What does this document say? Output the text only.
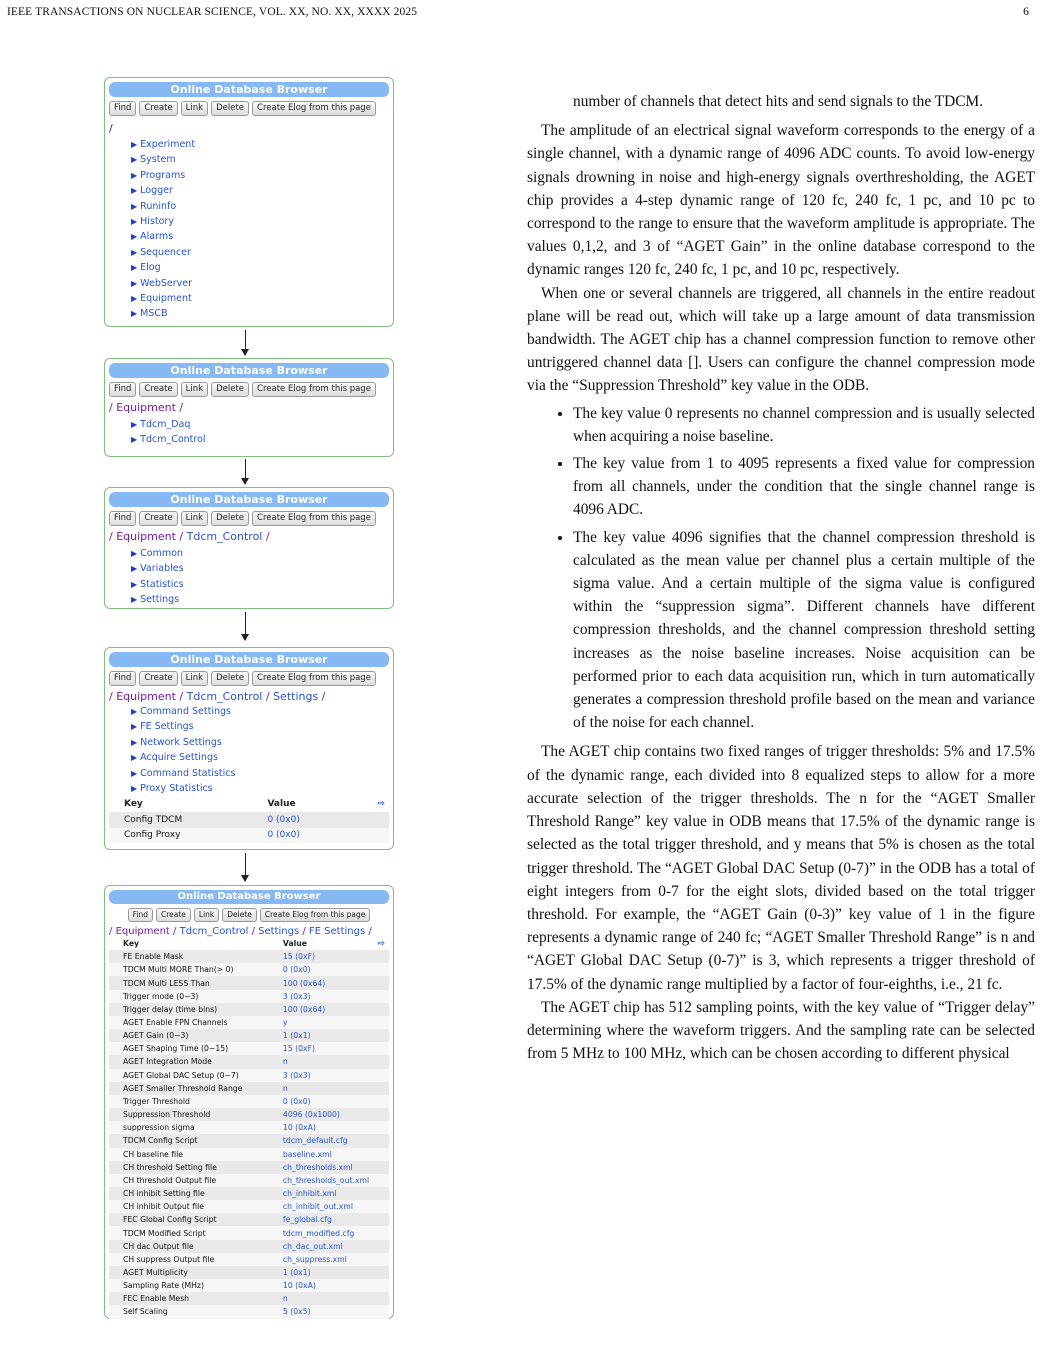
IEEE TRANSACTIONS ON NUCLEAR SCIENCE, VOL. XX, NO. XX, XXXX 2025	6
Online Database Browser
Find	Create	Link	Delete	Create Elog from this page
/
▶ Experiment
▶ System
▶ Programs
▶ Logger
▶ Runinfo
▶ History
▶ Alarms
▶ Sequencer
▶ Elog
▶ WebServer
▶ Equipment
▶ MSCB
Online Database Browser
Find	Create	Link	Delete	Create Elog from this page
/ Equipment /
▶ Tdcm_Daq
▶ Tdcm_Control
Online Database Browser
Find	Create	Link	Delete	Create Elog from this page
/ Equipment / Tdcm_Control /
▶ Common
▶ Variables
▶ Statistics
▶ Settings
Online Database Browser
Find	Create	Link	Delete	Create Elog from this page
/ Equipment / Tdcm_Control / Settings /
▶ Command Settings
▶ FE Settings
▶ Network Settings
▶ Acquire Settings
▶ Command Statistics
▶ Proxy Statistics
Key	Value	⇨
Config TDCM	0 (0x0)	
Config Proxy	0 (0x0)	
Online Database Browser
Find	Create	Link	Delete	Create Elog from this page
/ Equipment / Tdcm_Control / Settings / FE Settings /
Key	Value	⇨
FE Enable Mask	15 (0xF)	
TDCM Multi MORE Than(> 0)	0 (0x0)	
TDCM Multi LESS Than	100 (0x64)	
Trigger mode (0~3)	3 (0x3)	
Trigger delay (time bins)	100 (0x64)	
AGET Enable FPN Channels	y	
AGET Gain (0~3)	1 (0x1)	
AGET Shaping Time (0~15)	15 (0xF)	
AGET Integration Mode	n	
AGET Global DAC Setup (0~7)	3 (0x3)	
AGET Smaller Threshold Range	n	
Trigger Threshold	0 (0x0)	
Suppression Threshold	4096 (0x1000)	
suppression sigma	10 (0xA)	
TDCM Config Script	tdcm_default.cfg	
CH baseline file	baseline.xml	
CH threshold Setting file	ch_thresholds.xml	
CH threshold Output file	ch_thresholds_out.xml	
CH inhibit Setting file	ch_inhibit.xml	
CH inhibit Output file	ch_inhibit_out.xml	
FEC Global Config Script	fe_global.cfg	
TDCM Modified Script	tdcm_modified.cfg	
CH dac Output file	ch_dac_out.xml	
CH suppress Output file	ch_suppress.xml	
AGET Multiplicity	1 (0x1)	
Sampling Rate (MHz)	10 (0xA)	
FEC Enable Mesh	n	
Self Scaling	5 (0x5)	

number of channels that detect hits and send signals to the TDCM.

The amplitude of an electrical signal waveform corresponds to the energy of a single channel, with a dynamic range of 4096 ADC counts. To avoid low-energy signals drowning in noise and high-energy signals overthresholding, the AGET chip provides a 4-step dynamic range of 120 fc, 240 fc, 1 pc, and 10 pc to correspond to the range to ensure that the waveform amplitude is appropriate. The values 0,1,2, and 3 of “AGET Gain” in the online database correspond to the dynamic ranges 120 fc, 240 fc, 1 pc, and 10 pc, respectively.

When one or several channels are triggered, all channels in the entire readout plane will be read out, which will take up a large amount of data transmission bandwidth. The AGET chip has a channel compression function to remove other untriggered channel data []. Users can configure the channel compression mode via the “Suppression Threshold” key value in the ODB.

• The key value 0 represents no channel compression and is usually selected when acquiring a noise baseline.
• The key value from 1 to 4095 represents a fixed value for compression from all channels, under the condition that the single channel range is 4096 ADC.
• The key value 4096 signifies that the channel compression threshold is calculated as the mean value per channel plus a certain multiple of the sigma value. And a certain multiple of the sigma value is configured within the “suppression sigma”. Different channels have different compression thresholds, and the channel compression threshold setting increases as the noise baseline increases. Noise acquisition can be performed prior to each data acquisition run, which in turn automatically generates a compression threshold profile based on the mean and variance of the noise for each channel.

The AGET chip contains two fixed ranges of trigger thresholds: 5% and 17.5% of the dynamic range, each divided into 8 equalized steps to allow for a more accurate selection of the trigger thresholds. The n for the “AGET Smaller Threshold Range” key value in ODB means that 17.5% of the dynamic range is selected as the total trigger threshold, and y means that 5% is chosen as the total trigger threshold. The “AGET Global DAC Setup (0-7)” in the ODB has a total of eight integers from 0-7 for the eight slots, divided based on the total trigger threshold. For example, the “AGET Gain (0-3)” key value of 1 in the figure represents a dynamic range of 240 fc; “AGET Smaller Threshold Range” is n and “AGET Global DAC Setup (0-7)” is 3, which represents a trigger threshold of 17.5% of the dynamic range multiplied by a factor of four-eighths, i.e., 21 fc.

The AGET chip has 512 sampling points, with the key value of “Trigger delay” determining where the waveform triggers. And the sampling rate can be selected from 5 MHz to 100 MHz, which can be chosen according to different physical
